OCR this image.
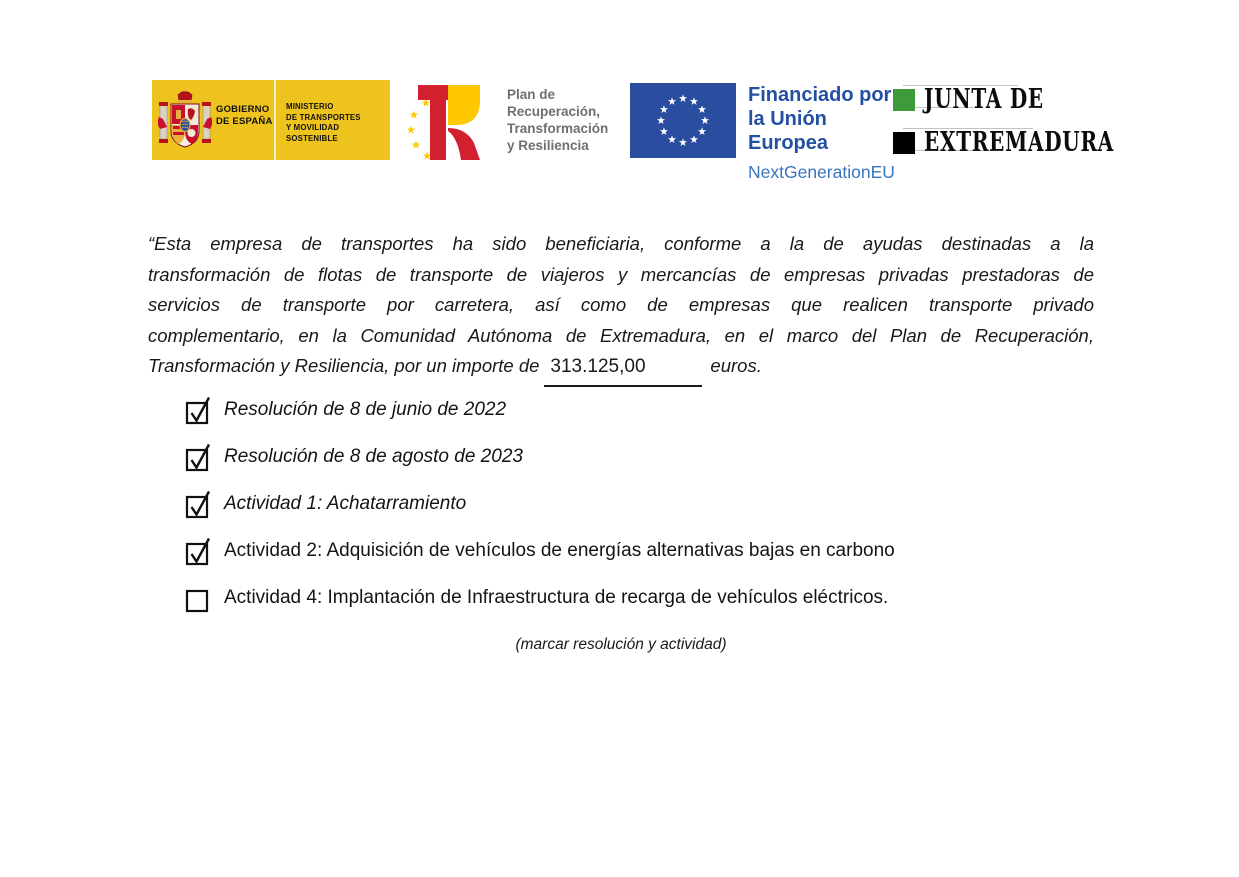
GOBIERNO
DE ESPAÑA
MINISTERIO
DE TRANSPORTES
Y MOVILIDAD SOSTENIBLE
Plan de
Recuperación,
Transformación
y Resiliencia
Financiado por
la Unión Europea
NextGenerationEU
JUNTA DE
EXTREMADURA
“Esta empresa de transportes ha sido beneficiaria, conforme a la de ayudas destinadas a la
transformación de flotas de transporte de viajeros y mercancías de empresas privadas prestadoras de
servicios de transporte por carretera, así como de empresas que realicen transporte privado
complementario, en la Comunidad Autónoma de Extremadura, en el marco del Plan de Recuperación,
Transformación y Resiliencia, por un importe de 313.125,00	euros.
Resolución de 8 de junio de 2022
Resolución de 8 de agosto de 2023
Actividad 1: Achatarramiento
Actividad 2: Adquisición de vehículos de energías alternativas bajas en carbono
Actividad 4: Implantación de Infraestructura de recarga de vehículos eléctricos.
(marcar resolución y actividad)
